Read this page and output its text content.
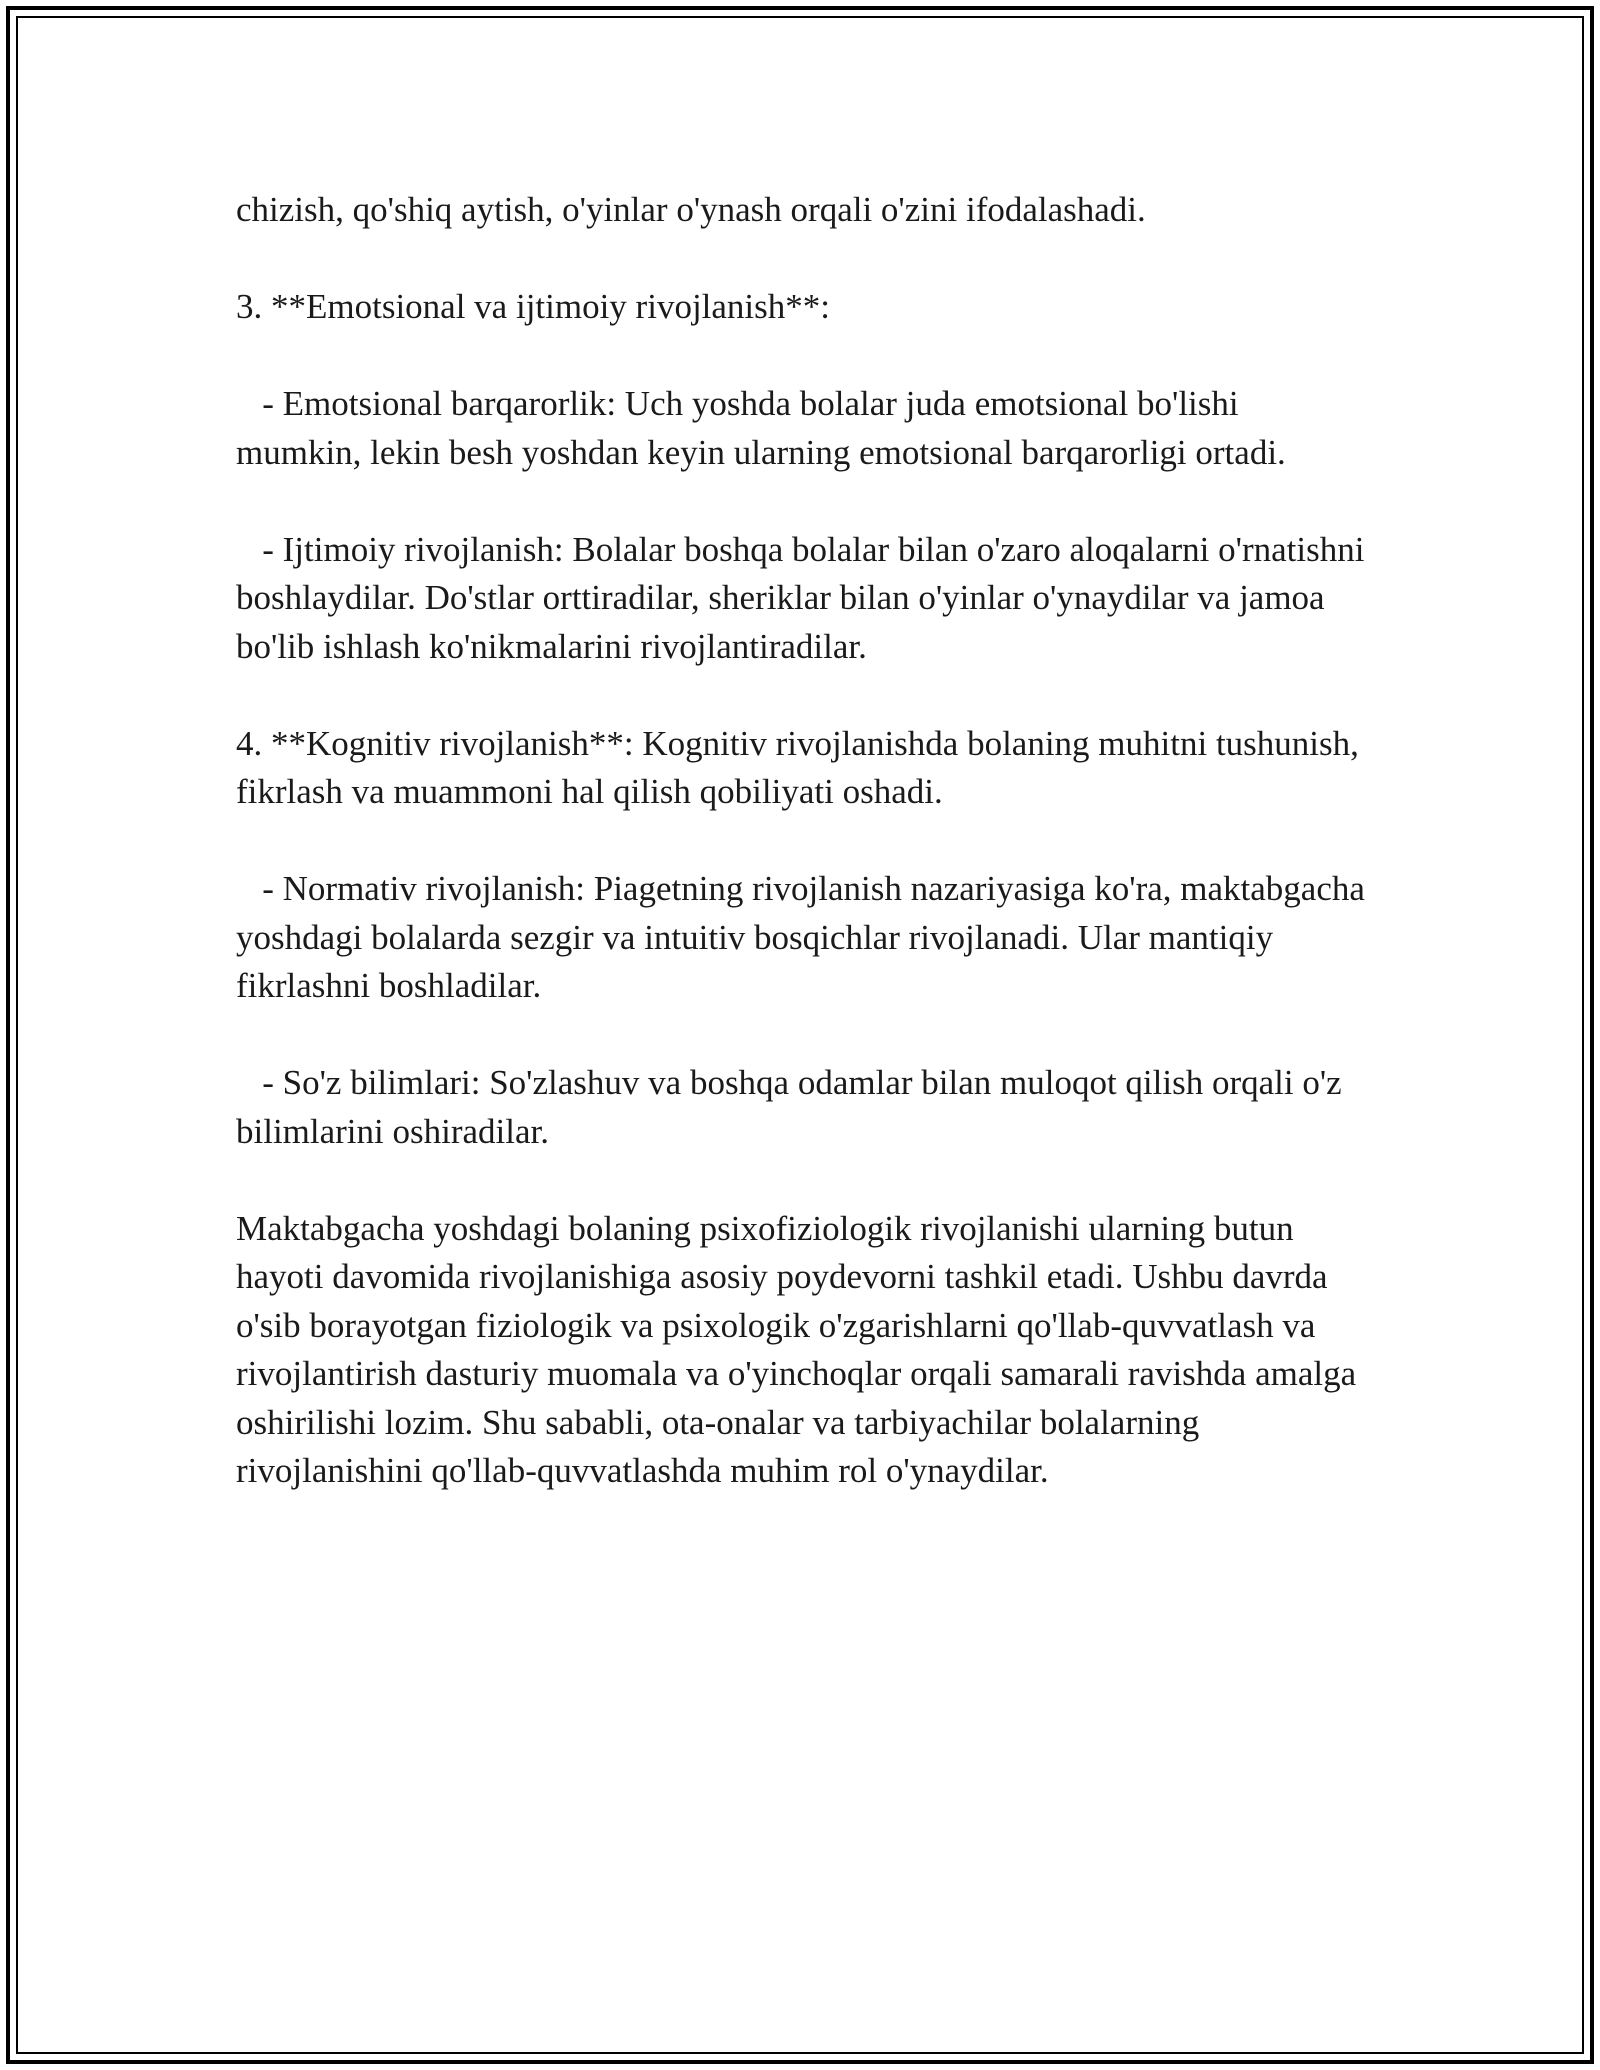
chizish, qo'shiq aytish, o'yinlar o'ynash orqali o'zini ifodalashadi.

3. **Emotsional va ijtimoiy rivojlanish**:

- Emotsional barqarorlik: Uch yoshda bolalar juda emotsional bo'lishi mumkin, lekin besh yoshdan keyin ularning emotsional barqarorligi ortadi.

- Ijtimoiy rivojlanish: Bolalar boshqa bolalar bilan o'zaro aloqalarni o'rnatishni boshlaydilar. Do'stlar orttiradilar, sheriklar bilan o'yinlar o'ynaydilar va jamoa bo'lib ishlash ko'nikmalarini rivojlantiradilar.

4. **Kognitiv rivojlanish**: Kognitiv rivojlanishda bolaning muhitni tushunish, fikrlash va muammoni hal qilish qobiliyati oshadi.

- Normativ rivojlanish: Piagetning rivojlanish nazariyasiga ko'ra, maktabgacha yoshdagi bolalarda sezgir va intuitiv bosqichlar rivojlanadi. Ular mantiqiy fikrlashni boshladilar.

- So'z bilimlari: So'zlashuv va boshqa odamlar bilan muloqot qilish orqali o'z bilimlarini oshiradilar.

Maktabgacha yoshdagi bolaning psixofiziologik rivojlanishi ularning butun hayoti davomida rivojlanishiga asosiy poydevorni tashkil etadi. Ushbu davrda o'sib borayotgan fiziologik va psixologik o'zgarishlarni qo'llab-quvvatlash va rivojlantirish dasturiy muomala va o'yinchoqlar orqali samarali ravishda amalga oshirilishi lozim. Shu sababli, ota-onalar va tarbiyachilar bolalarning rivojlanishini qo'llab-quvvatlashda muhim rol o'ynaydilar.
